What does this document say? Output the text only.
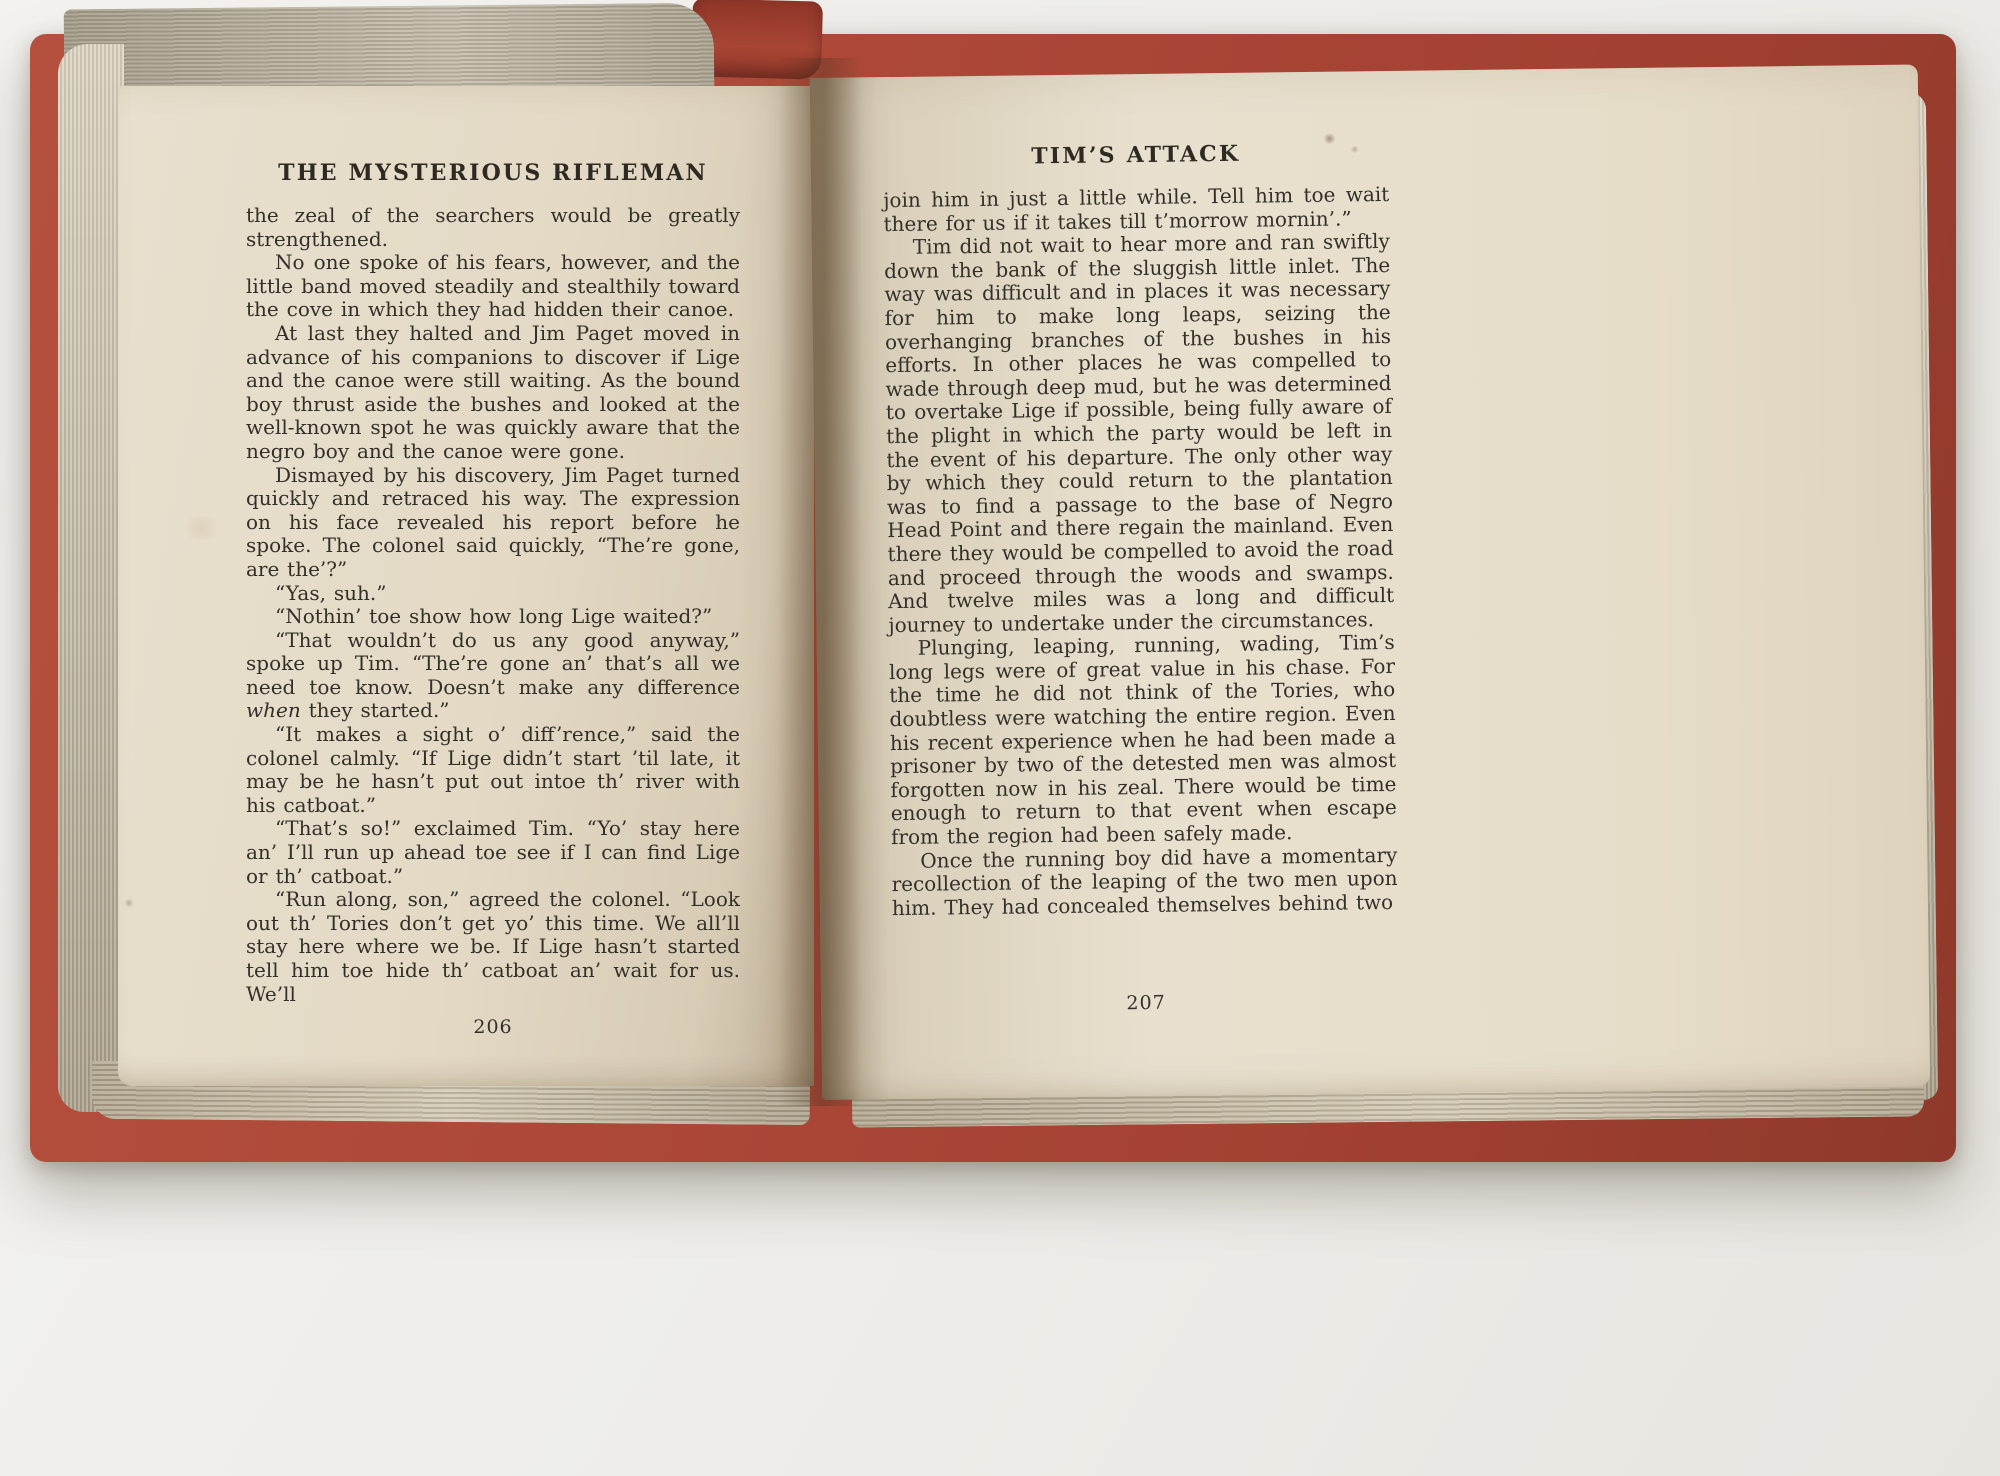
THE MYSTERIOUS RIFLEMAN

the zeal of the searchers would be greatly strengthened.

No one spoke of his fears, however, and the little band moved steadily and stealthily toward the cove in which they had hidden their canoe.

At last they halted and Jim Paget moved in advance of his companions to discover if Lige and the canoe were still waiting. As the bound boy thrust aside the bushes and looked at the well-known spot he was quickly aware that the negro boy and the canoe were gone.

Dismayed by his discovery, Jim Paget turned quickly and retraced his way. The expression on his face revealed his report before he spoke. The colonel said quickly, “The’re gone, are the’?”

“Yas, suh.”

“Nothin’ toe show how long Lige waited?”

“That wouldn’t do us any good anyway,” spoke up Tim. “The’re gone an’ that’s all we need toe know. Doesn’t make any difference when they started.”

“It makes a sight o’ diff’rence,” said the colonel calmly. “If Lige didn’t start ’til late, it may be he hasn’t put out intoe th’ river with his catboat.”

“That’s so!” exclaimed Tim. “Yo’ stay here an’ I’ll run up ahead toe see if I can find Lige or th’ catboat.”

“Run along, son,” agreed the colonel. “Look out th’ Tories don’t get yo’ this time. We all’ll stay here where we be. If Lige hasn’t started tell him toe hide th’ catboat an’ wait for us. We’ll

206
TIM’S ATTACK

join him in just a little while. Tell him toe wait there for us if it takes till t’morrow mornin’.”

Tim did not wait to hear more and ran swiftly down the bank of the sluggish little inlet. The way was difficult and in places it was necessary for him to make long leaps, seizing the overhanging branches of the bushes in his efforts. In other places he was compelled to wade through deep mud, but he was determined to overtake Lige if possible, being fully aware of the plight in which the party would be left in the event of his departure. The only other way by which they could return to the plantation was to find a passage to the base of Negro Head Point and there regain the mainland. Even there they would be compelled to avoid the road and proceed through the woods and swamps. And twelve miles was a long and difficult journey to undertake under the circumstances.

Plunging, leaping, running, wading, Tim’s long legs were of great value in his chase. For the time he did not think of the Tories, who doubtless were watching the entire region. Even his recent experience when he had been made a prisoner by two of the detested men was almost forgotten now in his zeal. There would be time enough to return to that event when escape from the region had been safely made.

Once the running boy did have a momentary recollection of the leaping of the two men upon him. They had concealed themselves behind two

207
